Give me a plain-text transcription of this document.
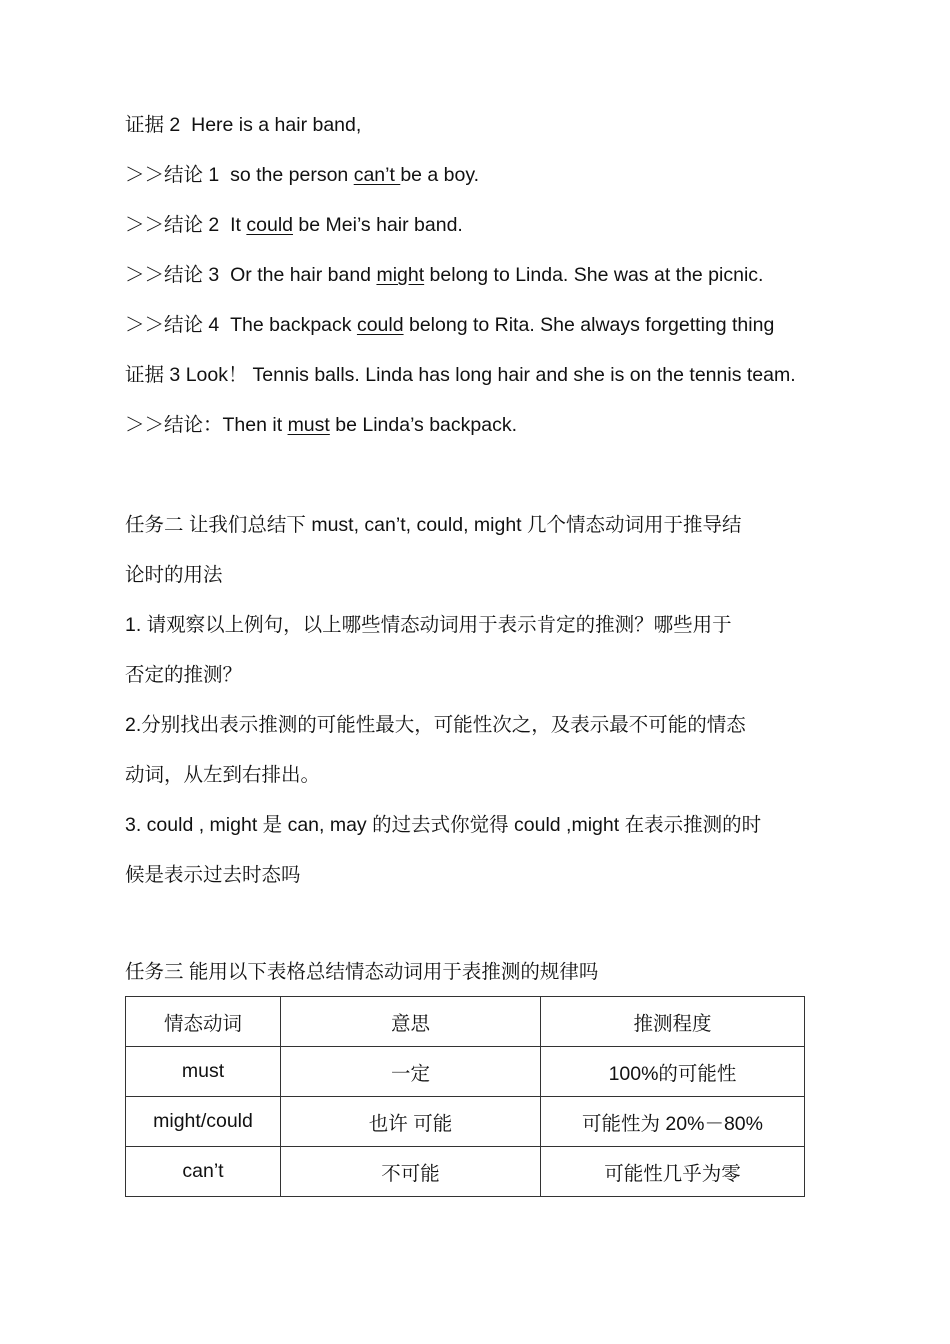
证据 2 Here is a hair band,
＞＞结论 1 so the person can’t be a boy.
＞＞结论 2 It could be Mei’s hair band.
＞＞结论 3 Or the hair band might belong to Linda. She was at the picnic.
＞＞结论 4 The backpack could belong to Rita. She always forgetting thing
证据 3 Look！ Tennis balls. Linda has long hair and she is on the tennis team.
＞＞结论：Then it must be Linda’s backpack.
任务二 让我们总结下 must, can’t, could, might 几个情态动词用于推导结
论时的用法
1. 请观察以上例句，以上哪些情态动词用于表示肯定的推测？哪些用于
否定的推测？
2.分别找出表示推测的可能性最大，可能性次之，及表示最不可能的情态
动词，从左到右排出。
3. could , might 是 can, may 的过去式你觉得 could ,might 在表示推测的时
候是表示过去时态吗
任务三 能用以下表格总结情态动词用于表推测的规律吗
情态动词	意思	推测程度
must	一定	100%的可能性
might/could	也许 可能	可能性为 20%－80%
can’t	不可能	可能性几乎为零
